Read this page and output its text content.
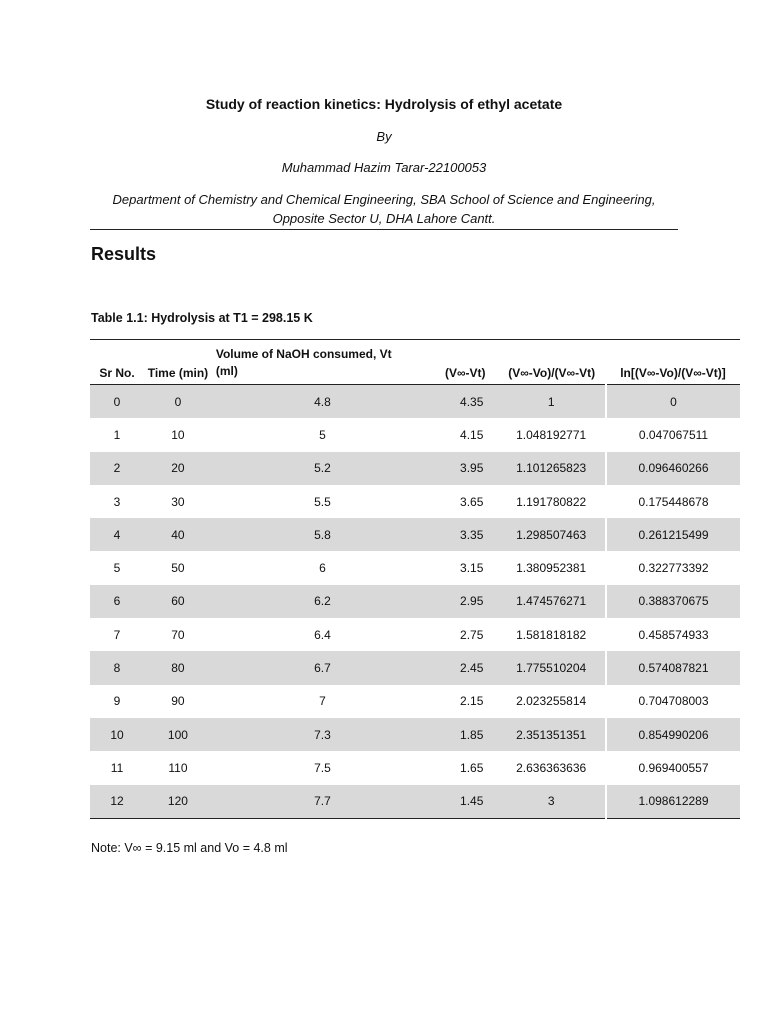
Study of reaction kinetics: Hydrolysis of ethyl acetate
By
Muhammad Hazim Tarar-22100053
Department of Chemistry and Chemical Engineering, SBA School of Science and Engineering,
Opposite Sector U, DHA Lahore Cantt.
Results
Table 1.1: Hydrolysis at T1 = 298.15 K
Sr No.	Time (min)	Volume of NaOH consumed, Vt
(ml)	(V∞-Vt)	(V∞-Vo)/(V∞-Vt)	ln[(V∞-Vo)/(V∞-Vt)]
0	0	4.8	4.35	1	0
1	10	5	4.15	1.048192771	0.047067511
2	20	5.2	3.95	1.101265823	0.096460266
3	30	5.5	3.65	1.191780822	0.175448678
4	40	5.8	3.35	1.298507463	0.261215499
5	50	6	3.15	1.380952381	0.322773392
6	60	6.2	2.95	1.474576271	0.388370675
7	70	6.4	2.75	1.581818182	0.458574933
8	80	6.7	2.45	1.775510204	0.574087821
9	90	7	2.15	2.023255814	0.704708003
10	100	7.3	1.85	2.351351351	0.854990206
11	110	7.5	1.65	2.636363636	0.969400557
12	120	7.7	1.45	3	1.098612289
Note: V∞ = 9.15 ml and Vo = 4.8 ml
